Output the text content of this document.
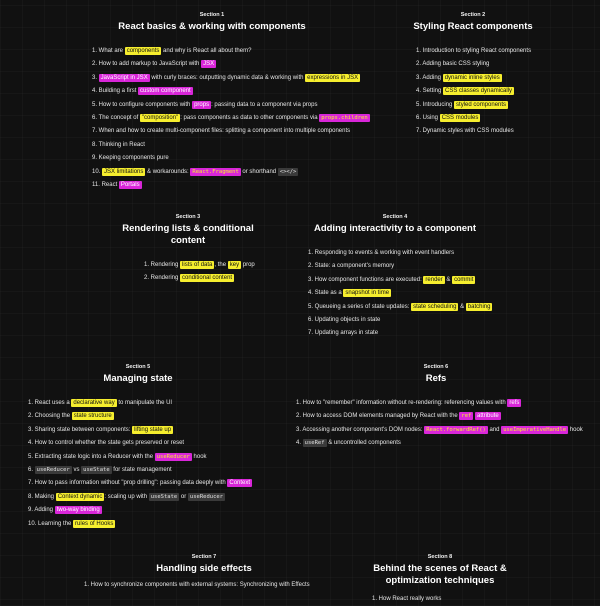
Section 1
React basics & working with components
1. What are components and why is React all about them?
2. How to add markup to JavaScript with JSX
3. JavaScript in JSX with curly braces: outputting dynamic data & working with expressions in JSX
4. Building a first custom component
5. How to configure components with props : passing data to a component via props
6. The concept of "composition" : pass components as data to other components via props.children
7. When and how to create multi-component files: splitting a component into multiple components
8. Thinking in React
9. Keeping components pure
10. JSX limitations & workarounds: React.Fragment or shorthand <></>
11. React Portals
Section 2
Styling React components
1. Introduction to styling React components
2. Adding basic CSS styling
3. Adding dynamic inline styles
4. Setting CSS classes dynamically
5. Introducing styled components
6. Using CSS modules
7. Dynamic styles with CSS modules
Section 3
Rendering lists & conditional content
1. Rendering lists of data , the key prop
2. Rendering conditional content
Section 4
Adding interactivity to a component
1. Responding to events & working with event handlers
2. State: a component's memory
3. How component functions are executed: render & commit
4. State as a snapshot in time
5. Queueing a series of state updates: state scheduling & batching
6. Updating objects in state
7. Updating arrays in state
Section 5
Managing state
1. React uses a declarative way to manipulate the UI
2. Choosing the state structure
3. Sharing state between components: lifting state up
4. How to control whether the state gets preserved or reset
5. Extracting state logic into a Reducer with the useReducer hook
6. useReducer vs useState for state management
7. How to pass information without "prop drilling": passing data deeply with Context
8. Making Context dynamic : scaling up with useState or useReducer
9. Adding two-way binding
10. Learning the rules of Hooks
Section 6
Refs
1. How to "remember" information without re-rendering: referencing values with refs
2. How to access DOM elements managed by React with the ref attribute
3. Accessing another component's DOM nodes: React.forwardRef() and useImperativeHandle hook
4. useRef & uncontrolled components
Section 7
Handling side effects
1. How to synchronize components with external systems: Synchronizing with Effects
Section 8
Behind the scenes of React & optimization techniques
1. How React really works
